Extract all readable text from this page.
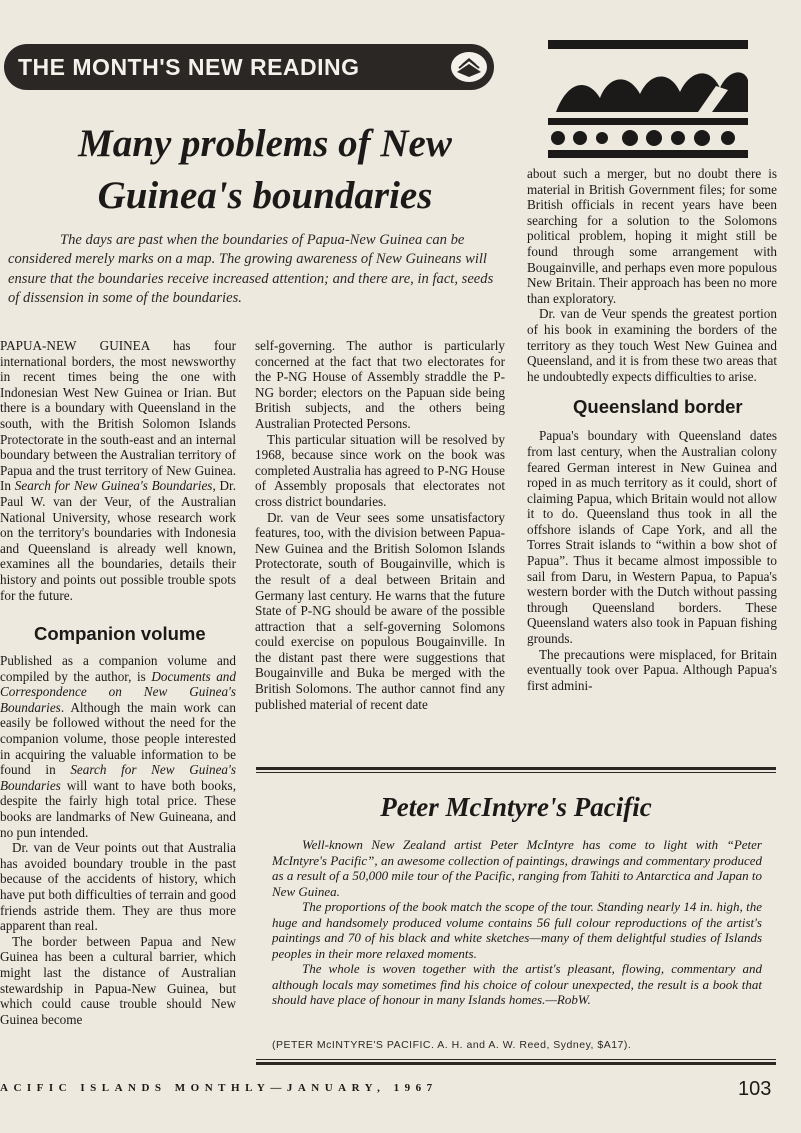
THE MONTH'S NEW READING
Many problems of New
Guinea's boundaries
The days are past when the boundaries of Papua-New Guinea can be considered merely marks on a map. The growing awareness of New Guineans will ensure that the boundaries receive increased attention; and there are, in fact, seeds of dissension in some of the boundaries.

PAPUA-NEW GUINEA has four international borders, the most newsworthy in recent times being the one with Indonesian West New Guinea or Irian. But there is a boundary with Queensland in the south, with the British Solomon Islands Protectorate in the south-east and an internal boundary between the Australian territory of Papua and the trust territory of New Guinea. In Search for New Guinea's Boundaries, Dr. Paul W. van der Veur, of the Australian National University, whose research work on the territory's boundaries with Indonesia and Queensland is already well known, examines all the boundaries, details their history and points out possible trouble spots for the future.

Companion volume

Published as a companion volume and compiled by the author, is Documents and Correspondence on New Guinea's Boundaries. Although the main work can easily be followed without the need for the companion volume, those people interested in acquiring the valuable information to be found in Search for New Guinea's Boundaries will want to have both books, despite the fairly high total price. These books are landmarks of New Guineana, and no pun intended.

Dr. van de Veur points out that Australia has avoided boundary trouble in the past because of the accidents of history, which have put both difficulties of terrain and good friends astride them. They are thus more apparent than real.

The border between Papua and New Guinea has been a cultural barrier, which might last the distance of Australian stewardship in Papua-New Guinea, but which could cause trouble should New Guinea become

self-governing. The author is particularly concerned at the fact that two electorates for the P-NG House of Assembly straddle the P-NG border; electors on the Papuan side being British subjects, and the others being Australian Protected Persons.

This particular situation will be resolved by 1968, because since work on the book was completed Australia has agreed to P-NG House of Assembly proposals that electorates not cross district boundaries.

Dr. van de Veur sees some unsatisfactory features, too, with the division between Papua-New Guinea and the British Solomon Islands Protectorate, south of Bougainville, which is the result of a deal between Britain and Germany last century. He warns that the future State of P-NG should be aware of the possible attraction that a self-governing Solomons could exercise on populous Bougainville. In the distant past there were suggestions that Bougainville and Buka be merged with the British Solomons. The author cannot find any published material of recent date

about such a merger, but no doubt there is material in British Government files; for some British officials in recent years have been searching for a solution to the Solomons political problem, hoping it might still be found through some arrangement with Bougainville, and perhaps even more populous New Britain. Their approach has been no more than exploratory.

Dr. van de Veur spends the greatest portion of his book in examining the borders of the territory as they touch West New Guinea and Queensland, and it is from these two areas that he undoubtedly expects difficulties to arise.

Queensland border

Papua's boundary with Queensland dates from last century, when the Australian colony feared German interest in New Guinea and roped in as much territory as it could, short of claiming Papua, which Britain would not allow it to do. Queensland thus took in all the offshore islands of Cape York, and all the Torres Strait islands to “within a bow shot of Papua”. Thus it became almost impossible to sail from Daru, in Western Papua, to Papua's western border with the Dutch without passing through Queensland borders. These Queensland waters also took in Papuan fishing grounds.

The precautions were misplaced, for Britain eventually took over Papua. Although Papua's first admini-

Peter McIntyre's Pacific

Well-known New Zealand artist Peter McIntyre has come to light with “Peter McIntyre's Pacific”, an awesome collection of paintings, drawings and commentary produced as a result of a 50,000 mile tour of the Pacific, ranging from Tahiti to Antarctica and Japan to New Guinea.

The proportions of the book match the scope of the tour. Standing nearly 14 in. high, the huge and handsomely produced volume contains 56 full colour reproductions of the artist's paintings and 70 of his black and white sketches—many of them delightful studies of Islands peoples in their more relaxed moments.

The whole is woven together with the artist's pleasant, flowing, commentary and although locals may sometimes find his choice of colour unexpected, the result is a book that should have place of honour in many Islands homes.—RobW.

(PETER McINTYRE'S PACIFIC. A. H. and A. W. Reed, Sydney, $A17).
ACIFIC ISLANDS MONTHLY—JANUARY, 1967	103
